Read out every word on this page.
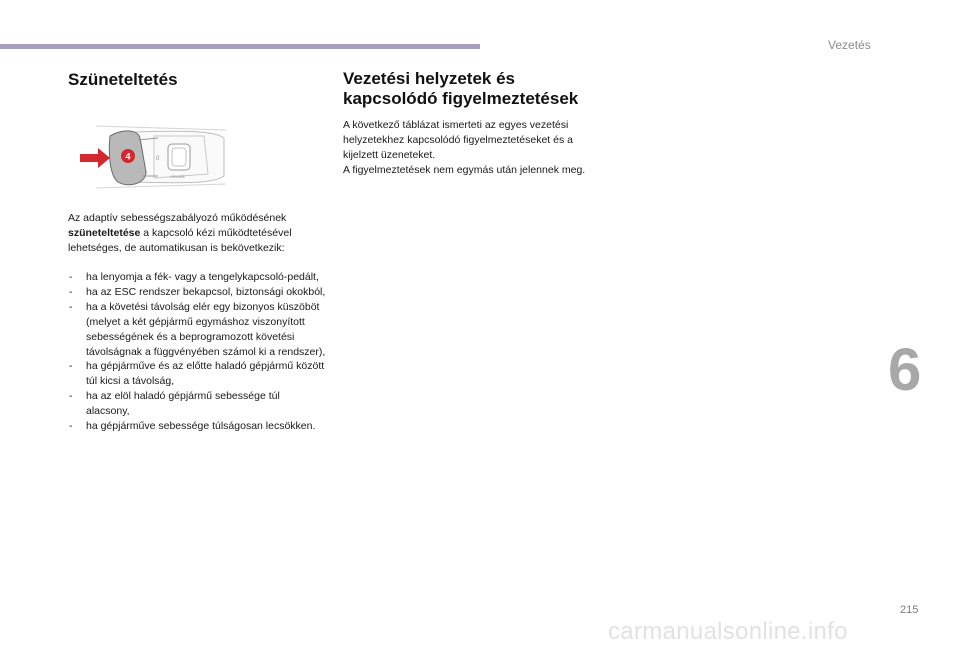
Vezetés
Szüneteltetés
0
CRUISE
4

Az adaptív sebességszabályozó működésének szüneteltetése a kapcsoló kézi működtetésével lehetséges, de automatikusan is bekövetkezik:

- ha lenyomja a fék- vagy a tengelykapcsoló-pedált,
- ha az ESC rendszer bekapcsol, biztonsági okokból,
- ha a követési távolság elér egy bizonyos küszöböt (melyet a két gépjármű egymáshoz viszonyított sebességének és a beprogramozott követési távolságnak a függvényében számol ki a rendszer),
- ha gépjárműve és az előtte haladó gépjármű között túl kicsi a távolság,
- ha az elöl haladó gépjármű sebessége túl alacsony,
- ha gépjárműve sebessége túlságosan lecsökken.
Vezetési helyzetek és
kapcsolódó figyelmeztetések
A következő táblázat ismerteti az egyes vezetési helyzetekhez kapcsolódó figyelmeztetéseket és a kijelzett üzeneteket.
A figyelmeztetések nem egymás után jelennek meg.
6
215
carmanualsonline.info
